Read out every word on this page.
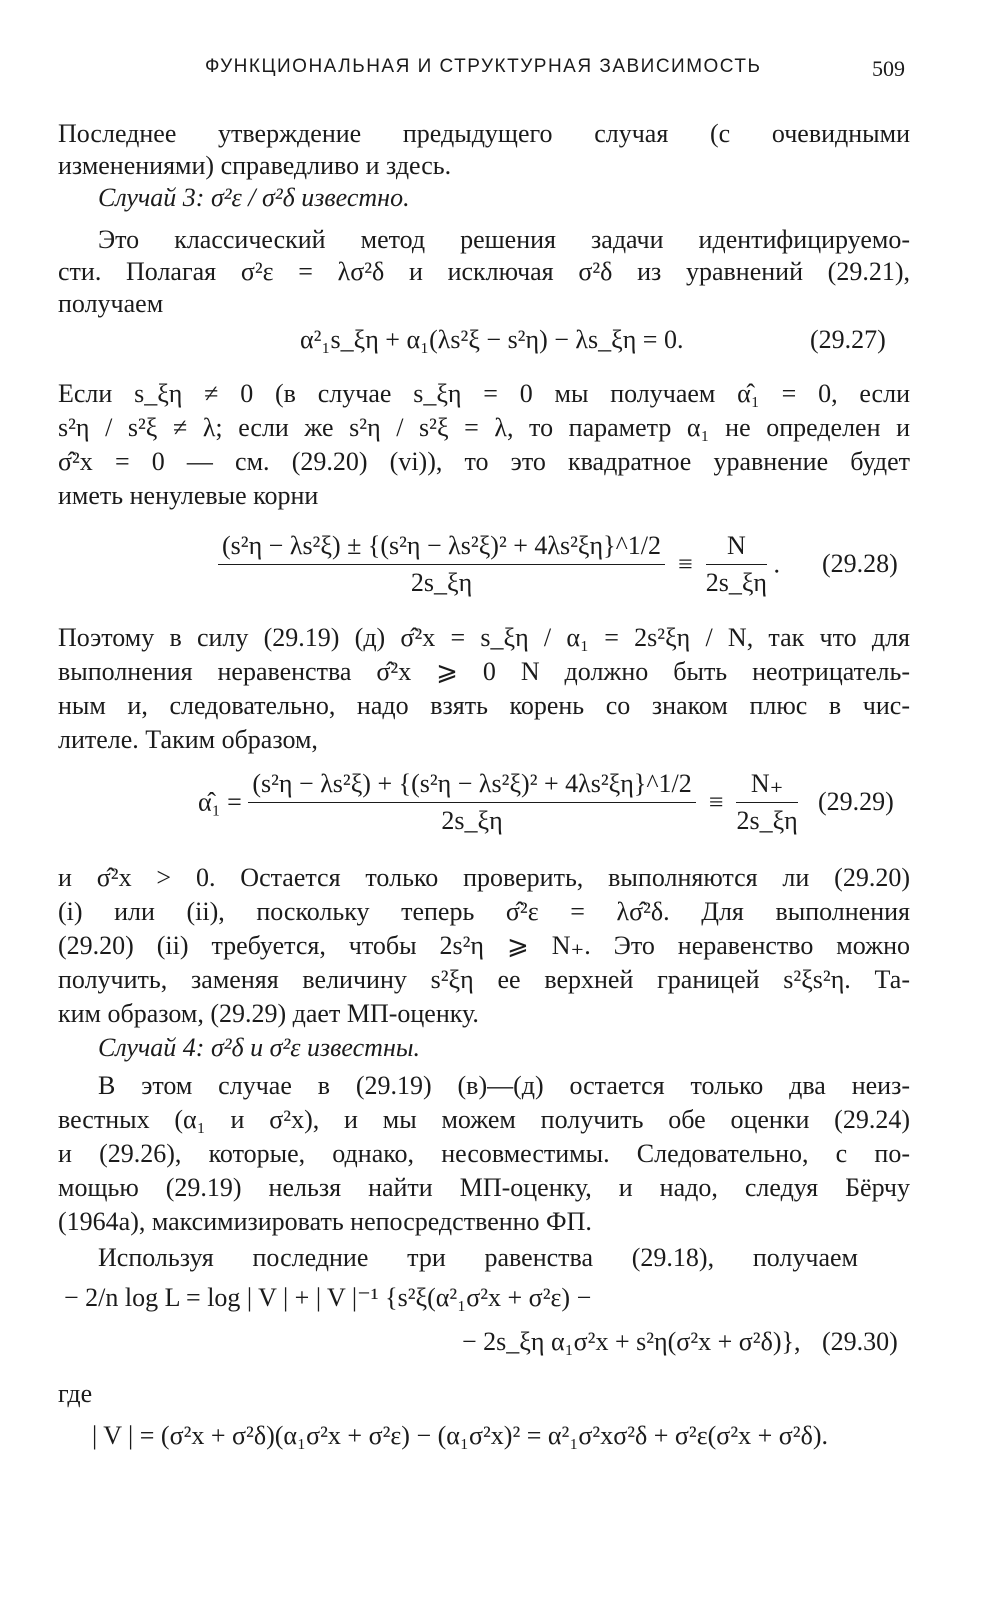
ФУНКЦИОНАЛЬНАЯ И СТРУКТУРНАЯ ЗАВИСИМОСТЬ	509
Последнее утверждение предыдущего случая (с очевидными
изменениями) справедливо и здесь.
Случай 3: σ²ε / σ²δ известно.
Это классический метод решения задачи идентифицируемо-
сти. Полагая σ²ε = λσ²δ и исключая σ²δ из уравнений (29.21),
получаем
α²₁s_ξη + α₁(λs²ξ − s²η) − λs_ξη = 0.	(29.27)
Если s_ξη ≠ 0 (в случае s_ξη = 0 мы получаем α̂₁ = 0, если
s²η / s²ξ ≠ λ; если же s²η / s²ξ = λ, то параметр α₁ не определен и
σ̂²x = 0 — см. (29.20) (vi)), то это квадратное уравнение будет
иметь ненулевые корни
$\frac{\text{(s²η − λs²ξ) ± \{(s²η − λs²ξ)² + 4λs²ξη\}\textasciicircum{}1/2}}{2s\_\xi\eta} \equiv \frac{N}{2s\_\xi\eta}$ . (29.28)
Поэтому в силу (29.19) (д) σ̂²x = s_ξη / α₁ = 2s²ξη / N, так что для
выполнения неравенства σ̂²x ⩾ 0 N должно быть неотрицатель-
ным и, следовательно, надо взять корень со знаком плюс в чис-
лителе. Таким образом,
α̂₁ = $\frac{\text{(s²η − λs²ξ) + \{(s²η − λs²ξ)² + 4λs²ξη\}\textasciicircum{}1/2}}{2s\_\xi\eta} \equiv \frac{N_+}{2s\_\xi\eta} (29.29)$
и σ̂²x > 0. Остается только проверить, выполняются ли (29.20)
(i) или (ii), поскольку теперь σ̂²ε = λσ̂²δ. Для выполнения
(29.20) (ii) требуется, чтобы 2s²η ⩾ N₊. Это неравенство можно
получить, заменяя величину s²ξη ее верхней границей s²ξs²η. Та-
ким образом, (29.29) дает МП-оценку.
Случай 4: σ²δ и σ²ε известны.
В этом случае в (29.19) (в)—(д) остается только два неиз-
вестных (α₁ и σ²x), и мы можем получить обе оценки (29.24)
и (29.26), которые, однако, несовместимы. Следовательно, с по-
мощью (29.19) нельзя найти МП-оценку, и надо, следуя Бёрчу
(1964а), максимизировать непосредственно ФП.
Используя последние три равенства (29.18), получаем
− 2/n log L = log | V | + | V |⁻¹ {s²ξ(α²₁σ²x + σ²ε) −
− 2s_ξη α₁σ²x + s²η(σ²x + σ²δ)}, (29.30)
где
| V | = (σ²x + σ²δ)(α₁σ²x + σ²ε) − (α₁σ²x)² = α²₁σ²xσ²δ + σ²ε(σ²x + σ²δ).
